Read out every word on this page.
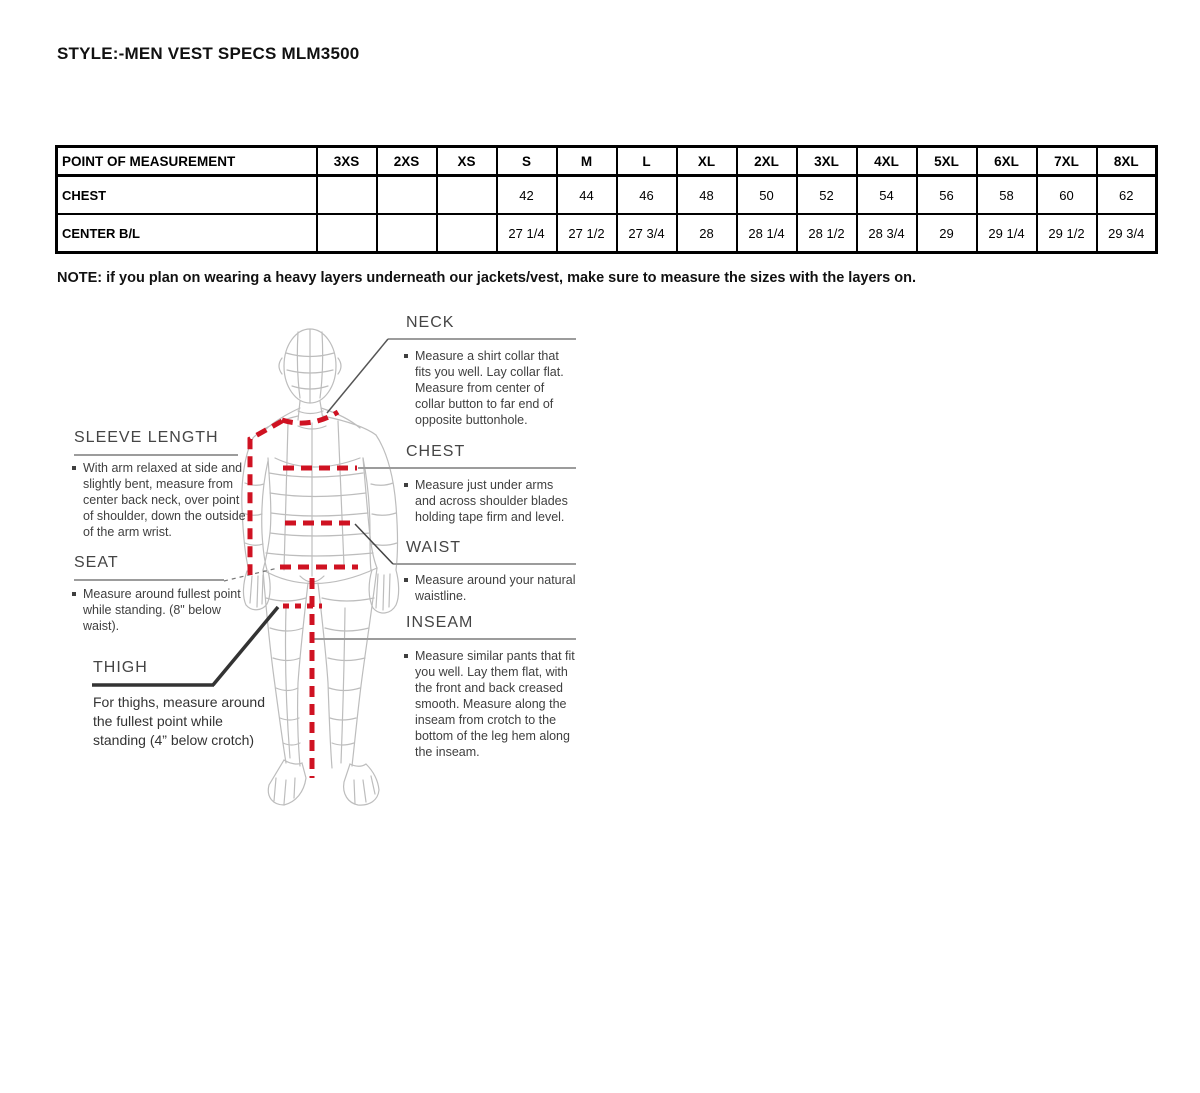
STYLE:-MEN VEST SPECS MLM3500
POINT OF MEASUREMENT	3XS	2XS	XS	S	M	L	XL	2XL	3XL	4XL	5XL	6XL	7XL	8XL
CHEST				42	44	46	48	50	52	54	56	58	60	62
CENTER B/L				27 1/4	27 1/2	27 3/4	28	28 1/4	28 1/2	28 3/4	29	29 1/4	29 1/2	29 3/4
NOTE: if you plan on wearing a heavy layers underneath our jackets/vest, make sure to measure the sizes with the layers on.
NECK
Measure a shirt collar that fits you well. Lay collar flat. Measure from center of collar button to far end of opposite buttonhole.
CHEST
Measure just under arms and across shoulder blades holding tape firm and level.
WAIST
Measure around your natural waistline.
INSEAM
Measure similar pants that fit you well. Lay them flat, with the front and back creased smooth. Measure along the inseam from crotch to the bottom of the leg hem along the inseam.
SLEEVE LENGTH
With arm relaxed at side and slightly bent, measure from center back neck, over point of shoulder, down the outside of the arm wrist.
SEAT
Measure around fullest point while standing. (8" below waist).
THIGH
For thighs, measure around the fullest point while standing (4” below crotch)
